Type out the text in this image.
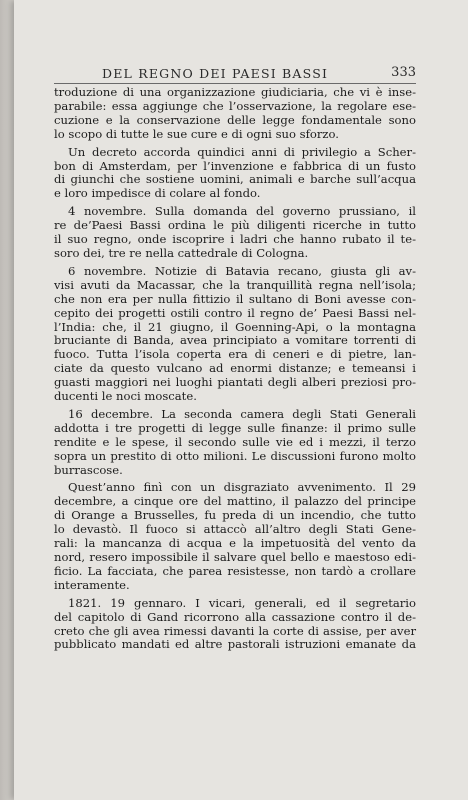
DEL REGNO DEI PAESI BASSI	333
troduzione di una organizzazione giudiciaria, che vi è inse-
parabile: essa aggiunge che l’osservazione, la regolare ese-
cuzione e la conservazione delle legge fondamentale sono
lo scopo di tutte le sue cure e di ogni suo sforzo.
Un decreto accorda quindici anni di privilegio a Scher-
bon di Amsterdam, per l’invenzione e fabbrica di un fusto
di giunchi che sostiene uomini, animali e barche sull’acqua
e loro impedisce di colare al fondo.
4 novembre. Sulla domanda del governo prussiano, il
re de’Paesi Bassi ordina le più diligenti ricerche in tutto
il suo regno, onde iscoprire i ladri che hanno rubato il te-
soro dei, tre re nella cattedrale di Cologna.
6 novembre. Notizie di Batavia recano, giusta gli av-
visi avuti da Macassar, che la tranquillità regna nell’isola;
che non era per nulla fittizio il sultano di Boni avesse con-
cepito dei progetti ostili contro il regno de’ Paesi Bassi nel-
l’India: che, il 21 giugno, il Goenning-Api, o la montagna
bruciante di Banda, avea principiato a vomitare torrenti di
fuoco. Tutta l’isola coperta era di ceneri e di pietre, lan-
ciate da questo vulcano ad enormi distanze; e temeansi i
guasti maggiori nei luoghi piantati degli alberi preziosi pro-
ducenti le noci moscate.
16 decembre. La seconda camera degli Stati Generali
addotta i tre progetti di legge sulle finanze: il primo sulle
rendite e le spese, il secondo sulle vie ed i mezzi, il terzo
sopra un prestito di otto milioni. Le discussioni furono molto
burrascose.
Quest’anno finì con un disgraziato avvenimento. Il 29
decembre, a cinque ore del mattino, il palazzo del principe
di Orange a Brusselles, fu preda di un incendio, che tutto
lo devastò. Il fuoco si attaccò all’altro degli Stati Gene-
rali: la mancanza di acqua e la impetuosità del vento da
nord, resero impossibile il salvare quel bello e maestoso edi-
ficio. La facciata, che parea resistesse, non tardò a crollare
interamente.
1821. 19 gennaro. I vicari, generali, ed il segretario
del capitolo di Gand ricorrono alla cassazione contro il de-
creto che gli avea rimessi davanti la corte di assise, per aver
pubblicato mandati ed altre pastorali istruzioni emanate da
